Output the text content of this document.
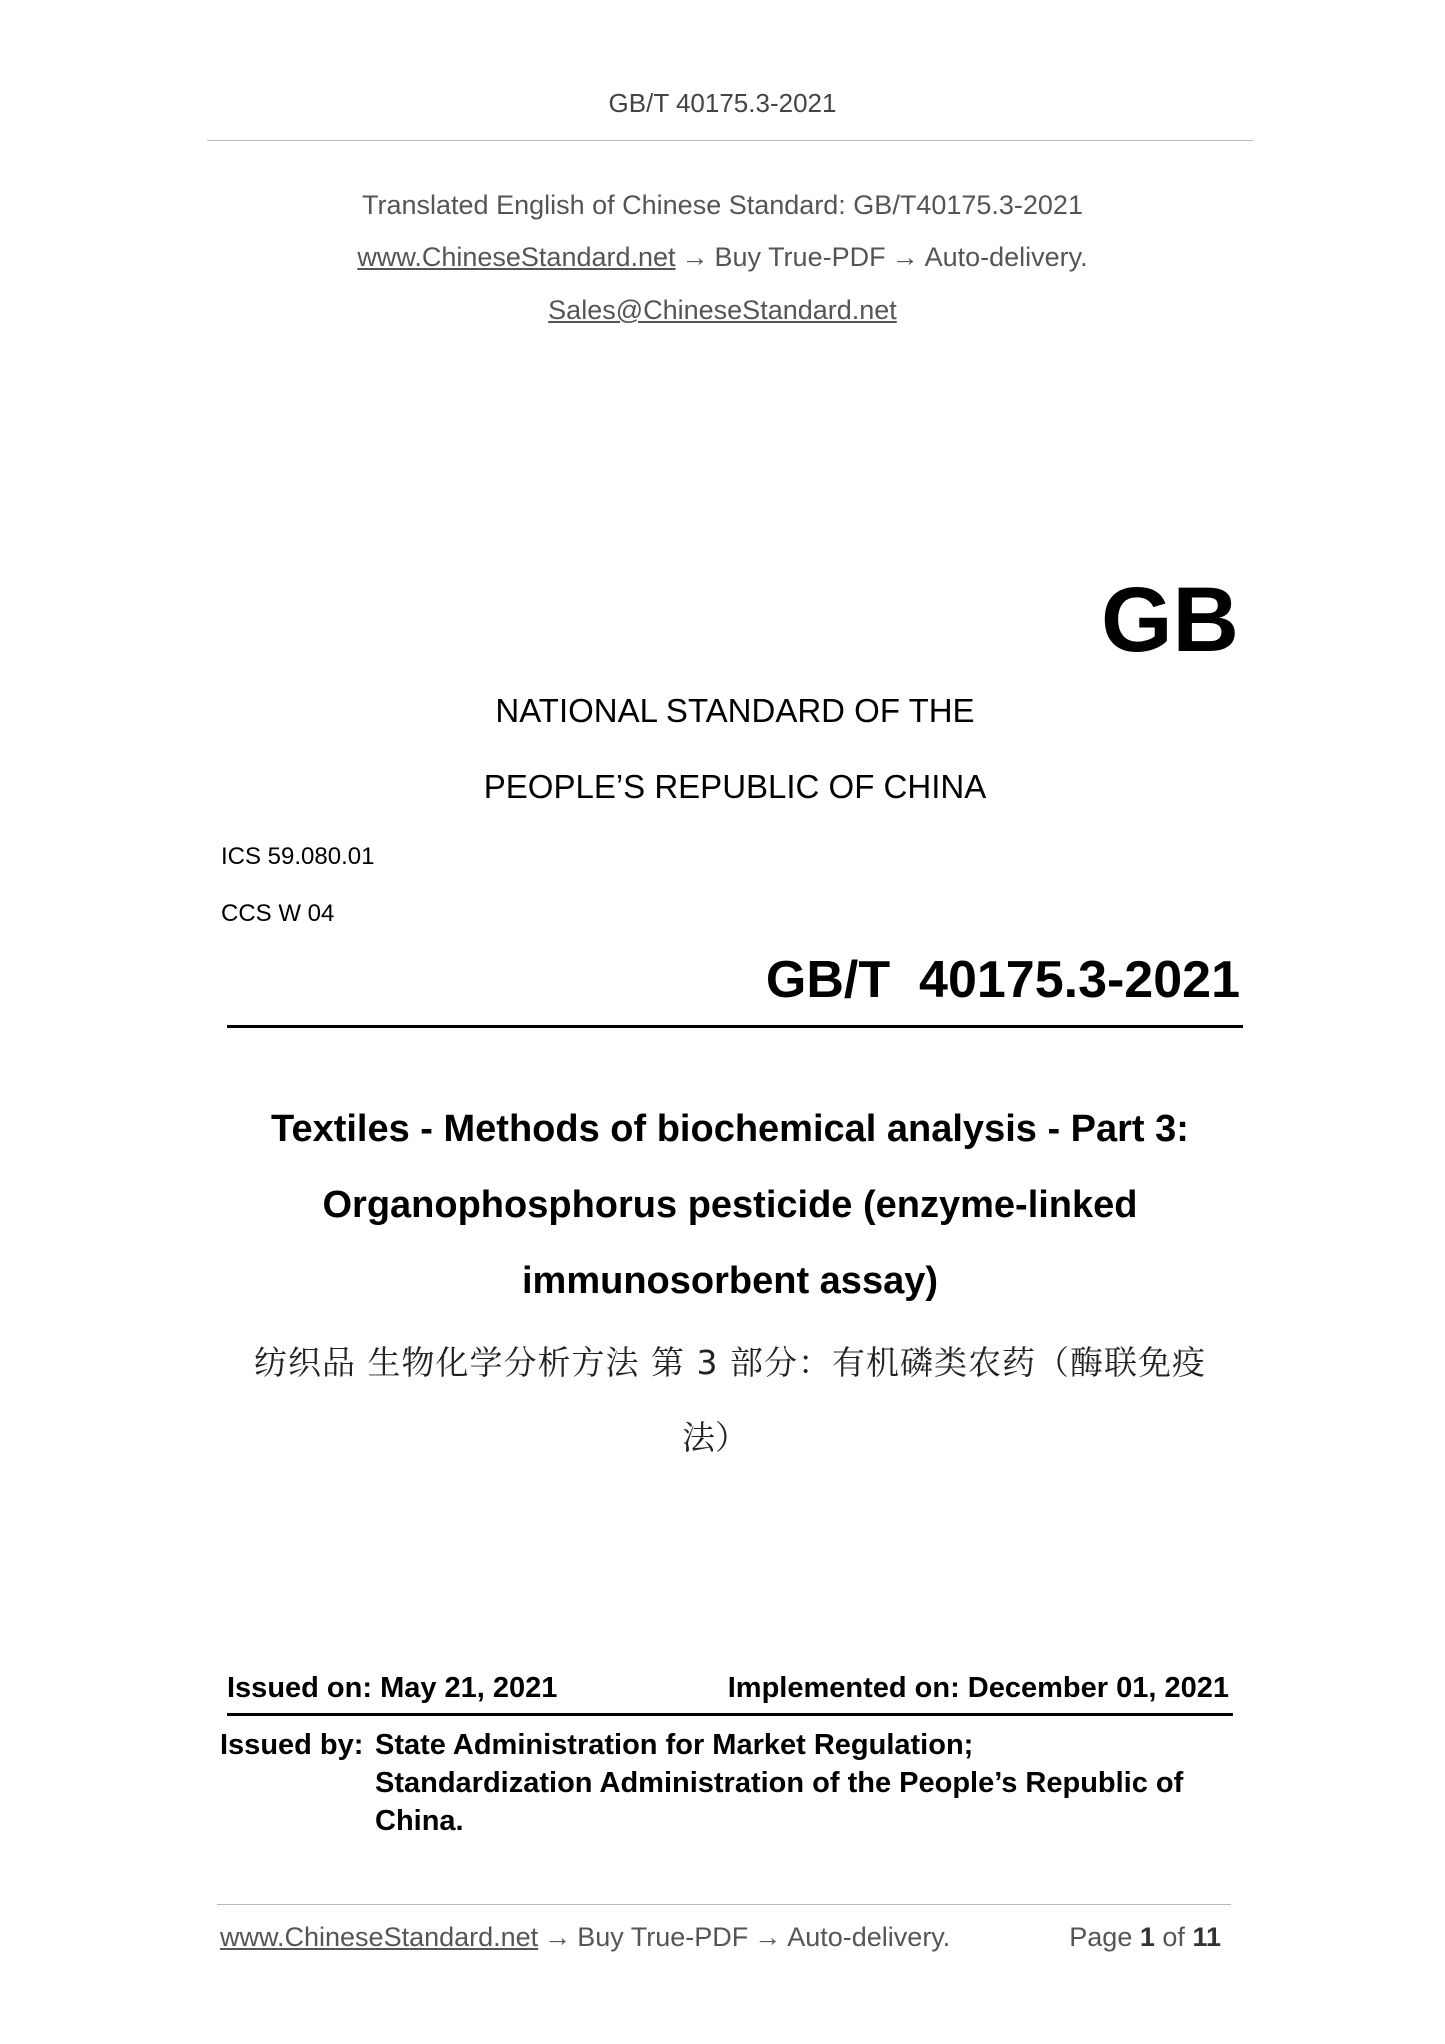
GB/T 40175.3-2021
Translated English of Chinese Standard: GB/T40175.3-2021
www.ChineseStandard.net → Buy True-PDF → Auto-delivery.
Sales@ChineseStandard.net
GB
NATIONAL STANDARD OF THE
PEOPLE’S REPUBLIC OF CHINA
ICS 59.080.01
CCS W 04
GB/T  40175.3-2021
Textiles - Methods of biochemical analysis - Part 3:
Organophosphorus pesticide (enzyme-linked
immunosorbent assay)
纺织品 生物化学分析方法 第 3 部分：有机磷类农药（酶联免疫
法）
Issued on: May 21, 2021	Implemented on: December 01, 2021
Issued by: State Administration for Market Regulation;
Standardization Administration of the People’s Republic of
China.
www.ChineseStandard.net → Buy True-PDF → Auto-delivery.	Page 1 of 11
